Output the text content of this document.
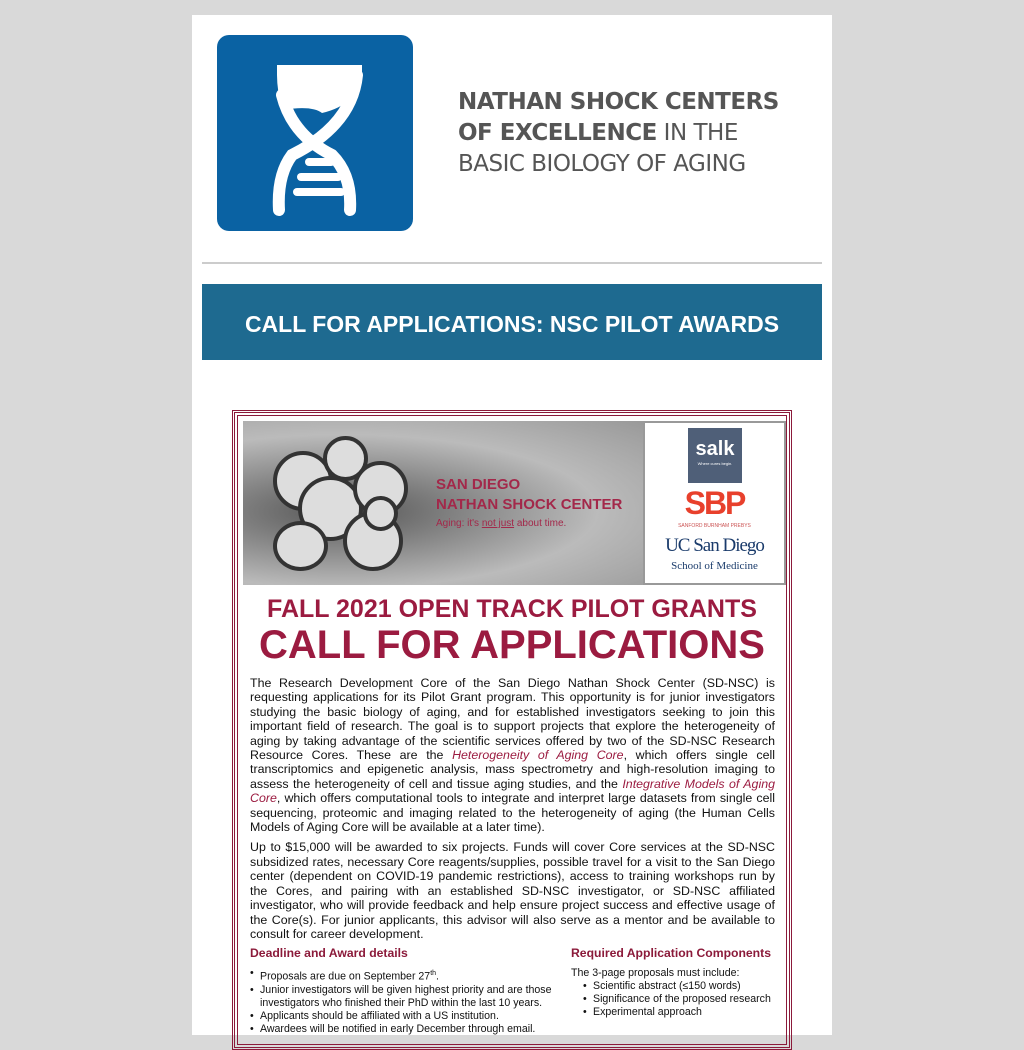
NATHAN SHOCK CENTERS
OF EXCELLENCE IN THE
BASIC BIOLOGY OF AGING
CALL FOR APPLICATIONS: NSC PILOT AWARDS
SAN DIEGO
NATHAN SHOCK CENTER
Aging: it's not just about time.
salk
Where cures begin.
SBP
SANFORD BURNHAM PREBYS
UC San Diego
School of Medicine
FALL 2021 OPEN TRACK PILOT GRANTS
CALL FOR APPLICATIONS

The Research Development Core of the San Diego Nathan Shock Center (SD-NSC) is requesting applications for its Pilot Grant program. This opportunity is for junior investigators studying the basic biology of aging, and for established investigators seeking to join this important field of research. The goal is to support projects that explore the heterogeneity of aging by taking advantage of the scientific services offered by two of the SD-NSC Research Resource Cores. These are the Heterogeneity of Aging Core, which offers single cell transcriptomics and epigenetic analysis, mass spectrometry and high-resolution imaging to assess the heterogeneity of cell and tissue aging studies, and the Integrative Models of Aging Core, which offers computational tools to integrate and interpret large datasets from single cell sequencing, proteomic and imaging related to the heterogeneity of aging (the Human Cells Models of Aging Core will be available at a later time).

Up to $15,000 will be awarded to six projects. Funds will cover Core services at the SD-NSC subsidized rates, necessary Core reagents/supplies, possible travel for a visit to the San Diego center (dependent on COVID-19 pandemic restrictions), access to training workshops run by the Cores, and pairing with an established SD-NSC investigator, or SD-NSC affiliated investigator, who will provide feedback and help ensure project success and effective usage of the Core(s). For junior applicants, this advisor will also serve as a mentor and be available to consult for career development.

Deadline and Award details
• Proposals are due on September 27th.
• Junior investigators will be given highest priority and are those investigators who finished their PhD within the last 10 years.
• Applicants should be affiliated with a US institution.
• Awardees will be notified in early December through email.
Required Application Components
The 3-page proposals must include:
• Scientific abstract (≤150 words)
• Significance of the proposed research
• Experimental approach
